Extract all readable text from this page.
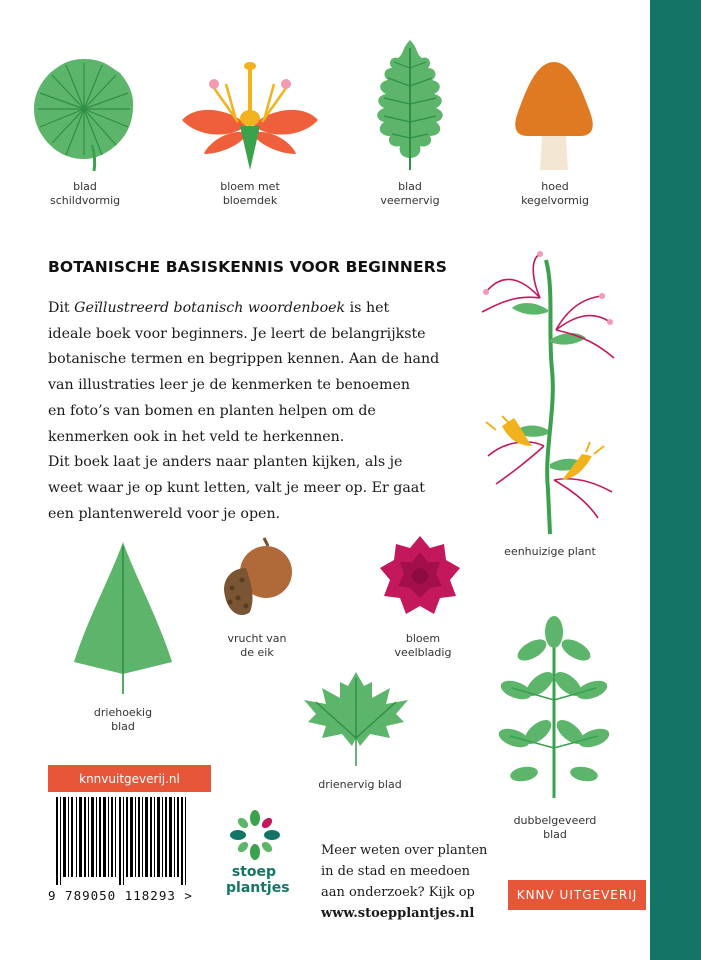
blad
schildvormig
bloem met
bloemdek
blad
veernervig
hoed
kegelvormig
BOTANISCHE BASISKENNIS VOOR BEGINNERS

Dit Geïllustreerd botanisch woordenboek is het

ideale boek voor beginners. Je leert de belangrijkste

botanische termen en begrippen kennen. Aan de hand

van illustraties leer je de kenmerken te benoemen

en foto’s van bomen en planten helpen om de

kenmerken ook in het veld te herkennen.

Dit boek laat je anders naar planten kijken, als je

weet waar je op kunt letten, valt je meer op. Er gaat

een plantenwereld voor je open.

eenhuizige plant
driehoekig
blad
vrucht van
de eik
bloem
veelbladig
drienervig blad
dubbelgeveerd
blad
knnvuitgeverij.nl
9 789050 118293 >
stoep
plantjes

Meer weten over planten

in de stad en meedoen

aan onderzoek? Kijk op

www.stoepplantjes.nl

KNNV UITGEVERIJ
